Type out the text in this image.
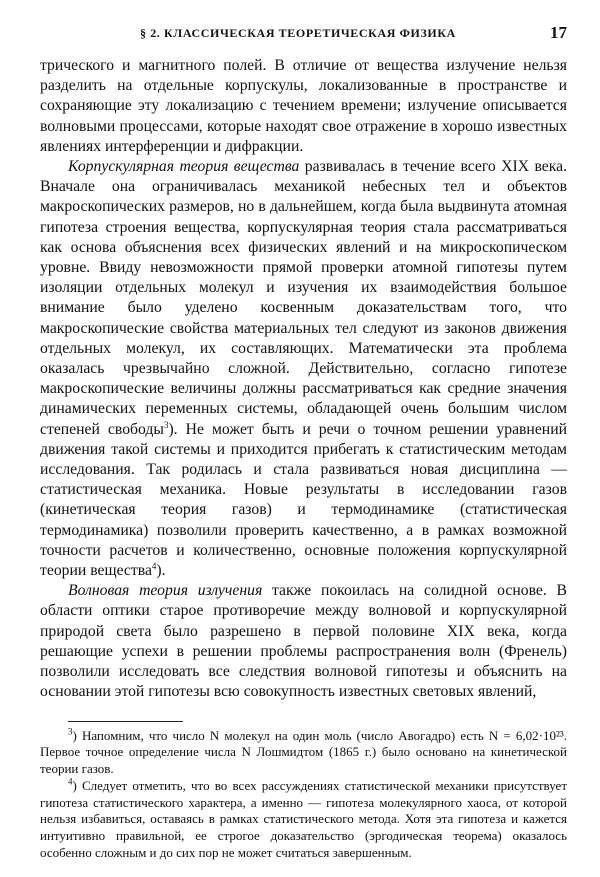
§ 2. КЛАССИЧЕСКАЯ ТЕОРЕТИЧЕСКАЯ ФИЗИКА	17

трического и магнитного полей. В отличие от вещества излучение нельзя разделить на отдельные корпускулы, локализованные в пространстве и сохраняющие эту локализацию с течением времени; излучение описывается волновыми процессами, которые находят свое отражение в хорошо известных явлениях интерференции и дифракции.

Корпускулярная теория вещества развивалась в течение всего XIX века. Вначале она ограничивалась механикой небесных тел и объектов макроскопических размеров, но в дальнейшем, когда была выдвинута атомная гипотеза строения вещества, корпускулярная теория стала рассматриваться как основа объяснения всех физических явлений и на микроскопическом уровне. Ввиду невозможности прямой проверки атомной гипотезы путем изоляции отдельных молекул и изучения их взаимодействия большое внимание было уделено косвенным доказательствам того, что макроскопические свойства материальных тел следуют из законов движения отдельных молекул, их составляющих. Математически эта проблема оказалась чрезвычайно сложной. Действительно, согласно гипотезе макроскопические величины должны рассматриваться как средние значения динамических переменных системы, обладающей очень большим числом степеней свободы$^3$). Не может быть и речи о точном решении уравнений движения такой системы и приходится прибегать к статистическим методам исследования. Так родилась и стала развиваться новая дисциплина — статистическая механика. Новые результаты в исследовании газов (кинетическая теория газов) и термодинамике (статистическая термодинамика) позволили проверить качественно, а в рамках возможной точности расчетов и количественно, основные положения корпускулярной теории вещества$^4$).

Волновая теория излучения также покоилась на солидной основе. В области оптики старое противоречие между волновой и корпускулярной природой света было разрешено в первой половине XIX века, когда решающие успехи в решении проблемы распространения волн (Френель) позволили исследовать все следствия волновой гипотезы и объяснить на основании этой гипотезы всю совокупность известных световых явлений,

$^3$) Напомним, что число N молекул на один моль (число Авогадро) есть N = 6,02·10²³. Первое точное определение числа N Лошмидтом (1865 г.) было основано на кинетической теории газов.

$^4$) Следует отметить, что во всех рассуждениях статистической механики присутствует гипотеза статистического характера, а именно — гипотеза молекулярного хаоса, от которой нельзя избавиться, оставаясь в рамках статистического метода. Хотя эта гипотеза и кажется интуитивно правильной, ее строгое доказательство (эргодическая теорема) оказалось особенно сложным и до сих пор не может считаться завершенным.
